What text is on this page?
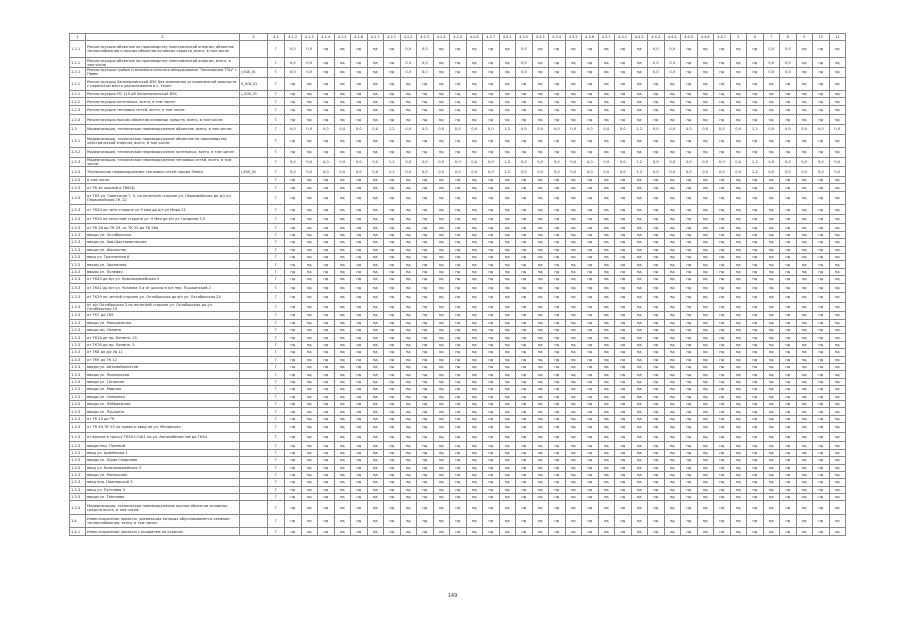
1	2	3	4.1	4.1.2	4.1.3	4.1.4	4.1.5	4.1.6	4.1.7	4.2.1	4.2.2	4.2.3	4.2.4	4.2.5	4.2.6	4.2.7	4.3.1	4.3.2	4.3.3	4.3.4	4.3.5	4.3.6	4.3.7	4.4.1	4.4.2	4.4.3	4.4.4	4.4.5	4.4.6	4.4.7	5	6	7	8	9	10	11	
1.2.1	Реконструкция объектов по производству электрической энергии, объектов теплоснабжения и прочих объектов основных средств, всего, в том числе		Г	0,0	0,0	нд	нд	нд	нд	нд	0,0	0,0	нд	нд	нд	нд	нд	0,0	нд	нд	нд	нд	нд	нд	нд	0,0	0,0	нд	нд	нд	нд	нд	0,0	0,0	нд	нд	нд	
1.2.1	Реконструкция объектов по производству электрической энергии, всего, в том числе		Г	0,0	0,0	нд	нд	нд	нд	нд	0,0	0,0	нд	нд	нд	нд	нд	0,0	нд	нд	нд	нд	нд	нд	нд	0,0	0,0	нд	нд	нд	нд	нд	0,0	0,0	нд	нд	нд	
1.2.1	Реконструкция турбин и вспомогательного оборудования "Заполярная ТЭЦ" г. Певек	J_KGK_01	Г	0,0	0,0	нд	нд	нд	нд	нд	0,0	0,0	нд	нд	нд	нд	нд	0,0	нд	нд	нд	нд	нд	нд	нд	0,0	0,0	нд	нд	нд	нд	нд	0,0	0,0	нд	нд	нд	
1.2.1	Реконструкция Заполярнинской ВЭС без изменения установленной мощности с переносом места расположения в с. Уэлен	H_KGK_02	Г	нд	нд	нд	нд	нд	нд	нд	нд	нд	нд	нд	нд	нд	нд	нд	нд	нд	нд	нд	нд	нд	нд	нд	нд	нд	нд	нд	нд	нд	нд	нд	нд	нд	нд	
1.2.1	Реконструкция ПС 110 кВ Заполярнинской ВЭС	L_KGK_03	Г	нд	нд	нд	нд	нд	нд	нд	нд	нд	нд	нд	нд	нд	нд	нд	нд	нд	нд	нд	нд	нд	нд	нд	нд	нд	нд	нд	нд	нд	нд	нд	нд	нд	нд	
1.2.2	Реконструкция котельных, всего, в том числе:		Г	нд	нд	нд	нд	нд	нд	нд	нд	нд	нд	нд	нд	нд	нд	нд	нд	нд	нд	нд	нд	нд	нд	нд	нд	нд	нд	нд	нд	нд	нд	нд	нд	нд	нд	
1.2.3	Реконструкция тепловых сетей, всего, в том числе:		Г	нд	нд	нд	нд	нд	нд	нд	нд	нд	нд	нд	нд	нд	нд	нд	нд	нд	нд	нд	нд	нд	нд	нд	нд	нд	нд	нд	нд	нд	нд	нд	нд	нд	нд	
1.2.4	Реконструкция прочих объектов основных средств, всего, в том числе:		Г	нд	нд	нд	нд	нд	нд	нд	нд	нд	нд	нд	нд	нд	нд	нд	нд	нд	нд	нд	нд	нд	нд	нд	нд	нд	нд	нд	нд	нд	нд	нд	нд	нд	нд	
1.3	Модернизация, техническое перевооружение объектов, всего, в том числе:		Г	0,0	0,0	0,0	0,0	0,0	0,0	1,2	0,0	0,0	0,0	0,0	0,0	0,0	1,2	0,0	0,0	0,0	0,0	0,0	0,0	0,0	1,2	0,0	0,0	0,0	0,0	0,0	0,0	1,2	0,0	0,0	0,0	0,0	0,0	
1.3.1	Модернизация, техническое перевооружение объектов по производству электрической энергии, всего, в том числе:		Г	нд	нд	нд	нд	нд	нд	нд	нд	нд	нд	нд	нд	нд	нд	нд	нд	нд	нд	нд	нд	нд	нд	нд	нд	нд	нд	нд	нд	нд	нд	нд	нд	нд	нд	
1.3.2	Модернизация, техническое перевооружение котельных, всего, в том числе:		Г	нд	нд	нд	нд	нд	нд	нд	нд	нд	нд	нд	нд	нд	нд	нд	нд	нд	нд	нд	нд	нд	нд	нд	нд	нд	нд	нд	нд	нд	нд	нд	нд	нд	нд	
1.3.3	Модернизация, техническое перевооружение тепловых сетей, всего, в том числе:		Г	0,0	0,0	0,0	0,0	0,0	0,0	1,2	0,0	0,0	0,0	0,0	0,0	0,0	1,2	0,0	0,0	0,0	0,0	0,0	0,0	0,0	1,2	0,0	0,0	0,0	0,0	0,0	0,0	1,2	0,0	0,0	0,0	0,0	0,0	
1.3.3	Техническое перевооружение тепловых сетей города Певек	J_KGK_04	Г	0,0	0,0	0,0	0,0	0,0	0,0	1,2	0,0	0,0	0,0	0,0	0,0	0,0	1,2	0,0	0,0	0,0	0,0	0,0	0,0	0,0	1,2	0,0	0,0	0,0	0,0	0,0	0,0	1,2	0,0	0,0	0,0	0,0	0,0	
1.3.3	в том числе		Г	нд	нд	нд	нд	нд	нд	нд	нд	нд	нд	нд	нд	нд	нд	нд	нд	нд	нд	нд	нд	нд	нд	нд	нд	нд	нд	нд	нд	нд	нд	нд	нд	нд	нд	
1.3.3	от ТК за школой в ТВ62Д		Г	нд	нд	нд	нд	нд	нд	нд	нд	нд	нд	нд	нд	нд	нд	нд	нд	нд	нд	нд	нд	нд	нд	нд	нд	нд	нд	нд	нд	нд	нд	нд	нд	нд	нд	
1.3.3	от ТК9 ул. Советская 7, 5, по нечетной стороне ул. Первомайская до д/з ул. Первомайская 29, 22		Г	нд	нд	нд	нд	нд	нд	нд	нд	нд	нд	нд	нд	нд	нд	нд	нд	нд	нд	нд	нд	нд	нд	нд	нд	нд	нд	нд	нд	нд	нд	нд	нд	нд	нд	
1.3.3	от ТК20 по четн стороне ул 9 мая до д/з ул Мира 21		Г	нд	нд	нд	нд	нд	нд	нд	нд	нд	нд	нд	нд	нд	нд	нд	нд	нд	нд	нд	нд	нд	нд	нд	нд	нд	нд	нд	нд	нд	нд	нд	нд	нд	нд	
1.3.3	от ТК20 по нечетной стороне ул. 9 Мая до в/з ул Гагарина 3,5		Г	нд	нд	нд	нд	нд	нд	нд	нд	нд	нд	нд	нд	нд	нд	нд	нд	нд	нд	нд	нд	нд	нд	нд	нд	нд	нд	нд	нд	нд	нд	нд	нд	нд	нд	
1.3.3	от ТК 28 до ТК 29, от ТК 25 до ТК 26а		Г	нд	нд	нд	нд	нд	нд	нд	нд	нд	нд	нд	нд	нд	нд	нд	нд	нд	нд	нд	нд	нд	нд	нд	нд	нд	нд	нд	нд	нд	нд	нд	нд	нд	нд	
1.3.3	вводы ул. Октябрьская		Г	нд	нд	нд	нд	нд	нд	нд	нд	нд	нд	нд	нд	нд	нд	нд	нд	нд	нд	нд	нд	нд	нд	нд	нд	нд	нд	нд	нд	нд	нд	нд	нд	нд	нд	
1.3.3	вводы ул. Зав.Шахтаевическая		Г	нд	нд	нд	нд	нд	нд	нд	нд	нд	нд	нд	нд	нд	нд	нд	нд	нд	нд	нд	нд	нд	нд	нд	нд	нд	нд	нд	нд	нд	нд	нд	нд	нд	нд	
1.3.3	вводы ул. Школьная		Г	нд	нд	нд	нд	нд	нд	нд	нд	нд	нд	нд	нд	нд	нд	нд	нд	нд	нд	нд	нд	нд	нд	нд	нд	нд	нд	нд	нд	нд	нд	нд	нд	нд	нд	
1.3.3	ввод ул. Транзитная 6		Г	нд	нд	нд	нд	нд	нд	нд	нд	нд	нд	нд	нд	нд	нд	нд	нд	нд	нд	нд	нд	нд	нд	нд	нд	нд	нд	нд	нд	нд	нд	нд	нд	нд	нд	
1.3.3	вводы ул. Заозерная		Г	нд	нд	нд	нд	нд	нд	нд	нд	нд	нд	нд	нд	нд	нд	нд	нд	нд	нд	нд	нд	нд	нд	нд	нд	нд	нд	нд	нд	нд	нд	нд	нд	нд	нд	
1.3.3	вводы ул. Полевая		Г	нд	нд	нд	нд	нд	нд	нд	нд	нд	нд	нд	нд	нд	нд	нд	нд	нд	нд	нд	нд	нд	нд	нд	нд	нд	нд	нд	нд	нд	нд	нд	нд	нд	нд	
1.3.3	от ТК43 до в/з ул. Красноармейская 3		Г	нд	нд	нд	нд	нд	нд	нд	нд	нд	нд	нд	нд	нд	нд	нд	нд	нд	нд	нд	нд	нд	нд	нд	нд	нд	нд	нд	нд	нд	нд	нд	нд	нд	нд	
1.3.3	от ТК41 до в/з ул. Чкалова 3 и от школы в в/з пер. Пушкинский 2		Г	нд	нд	нд	нд	нд	нд	нд	нд	нд	нд	нд	нд	нд	нд	нд	нд	нд	нд	нд	нд	нд	нд	нд	нд	нд	нд	нд	нд	нд	нд	нд	нд	нд	нд	
1.3.3	от ТК29 по четной стороне ул. Октябрьская до в/з ул. Октябрьская 24		Г	нд	нд	нд	нд	нд	нд	нд	нд	нд	нд	нд	нд	нд	нд	нд	нд	нд	нд	нд	нд	нд	нд	нд	нд	нд	нд	нд	нд	нд	нд	нд	нд	нд	нд	
1.3.3	от д/с Октябрьская 3 по нечетной стороне ул. Октябрьская до ул. Октябрьская 19		Г	нд	нд	нд	нд	нд	нд	нд	нд	нд	нд	нд	нд	нд	нд	нд	нд	нд	нд	нд	нд	нд	нд	нд	нд	нд	нд	нд	нд	нд	нд	нд	нд	нд	нд	
1.3.3	от ТК7 до ТК9		Г	нд	нд	нд	нд	нд	нд	нд	нд	нд	нд	нд	нд	нд	нд	нд	нд	нд	нд	нд	нд	нд	нд	нд	нд	нд	нд	нд	нд	нд	нд	нд	нд	нд	нд	
1.3.3	вводы ул. Молодежная		Г	нд	нд	нд	нд	нд	нд	нд	нд	нд	нд	нд	нд	нд	нд	нд	нд	нд	нд	нд	нд	нд	нд	нд	нд	нд	нд	нд	нд	нд	нд	нд	нд	нд	нд	
1.3.3	вводы пр. Ленина		Г	нд	нд	нд	нд	нд	нд	нд	нд	нд	нд	нд	нд	нд	нд	нд	нд	нд	нд	нд	нд	нд	нд	нд	нд	нд	нд	нд	нд	нд	нд	нд	нд	нд	нд	
1.3.3	от ТК16 до пр. Ленина, 13		Г	нд	нд	нд	нд	нд	нд	нд	нд	нд	нд	нд	нд	нд	нд	нд	нд	нд	нд	нд	нд	нд	нд	нд	нд	нд	нд	нд	нд	нд	нд	нд	нд	нд	нд	
1.3.3	от ТК76 до пр. Ленина, 3		Г	нд	нд	нд	нд	нд	нд	нд	нд	нд	нд	нд	нд	нд	нд	нд	нд	нд	нд	нд	нд	нд	нд	нд	нд	нд	нд	нд	нд	нд	нд	нд	нд	нд	нд	
1.3.3	от ТК8 до д/с № 11		Г	нд	нд	нд	нд	нд	нд	нд	нд	нд	нд	нд	нд	нд	нд	нд	нд	нд	нд	нд	нд	нд	нд	нд	нд	нд	нд	нд	нд	нд	нд	нд	нд	нд	нд	
1.3.3	от ТК9 до ТК 12		Г	нд	нд	нд	нд	нд	нд	нд	нд	нд	нд	нд	нд	нд	нд	нд	нд	нд	нд	нд	нд	нд	нд	нд	нд	нд	нд	нд	нд	нд	нд	нд	нд	нд	нд	
1.3.3	вводы ул. Автомобилистов		Г	нд	нд	нд	нд	нд	нд	нд	нд	нд	нд	нд	нд	нд	нд	нд	нд	нд	нд	нд	нд	нд	нд	нд	нд	нд	нд	нд	нд	нд	нд	нд	нд	нд	нд	
1.3.3	вводы ул. Пионерская		Г	нд	нд	нд	нд	нд	нд	нд	нд	нд	нд	нд	нд	нд	нд	нд	нд	нд	нд	нд	нд	нд	нд	нд	нд	нд	нд	нд	нд	нд	нд	нд	нд	нд	нд	
1.3.3	вводы ул. Гагарина		Г	нд	нд	нд	нд	нд	нд	нд	нд	нд	нд	нд	нд	нд	нд	нд	нд	нд	нд	нд	нд	нд	нд	нд	нд	нд	нд	нд	нд	нд	нд	нд	нд	нд	нд	
1.3.3	вводы ул. Мирная		Г	нд	нд	нд	нд	нд	нд	нд	нд	нд	нд	нд	нд	нд	нд	нд	нд	нд	нд	нд	нд	нд	нд	нд	нд	нд	нд	нд	нд	нд	нд	нд	нд	нд	нд	
1.3.3	вводы ул. Северная		Г	нд	нд	нд	нд	нд	нд	нд	нд	нд	нд	нд	нд	нд	нд	нд	нд	нд	нд	нд	нд	нд	нд	нд	нд	нд	нд	нд	нд	нд	нд	нд	нд	нд	нд	
1.3.3	вводы ул. Набережная		Г	нд	нд	нд	нд	нд	нд	нд	нд	нд	нд	нд	нд	нд	нд	нд	нд	нд	нд	нд	нд	нд	нд	нд	нд	нд	нд	нд	нд	нд	нд	нд	нд	нд	нд	
1.3.3	вводы ул. Пушкина		Г	нд	нд	нд	нд	нд	нд	нд	нд	нд	нд	нд	нд	нд	нд	нд	нд	нд	нд	нд	нд	нд	нд	нд	нд	нд	нд	нд	нд	нд	нд	нд	нд	нд	нд	
1.3.3	от ТК 15 до ТК		Г	нд	нд	нд	нд	нд	нд	нд	нд	нд	нд	нд	нд	нд	нд	нд	нд	нд	нд	нд	нд	нд	нд	нд	нд	нд	нд	нд	нд	нд	нд	нд	нд	нд	нд	
1.3.3	от ТК 49-ТК 53 по краям и ввод по ул. Мелевская		Г	нд	нд	нд	нд	нд	нд	нд	нд	нд	нд	нд	нд	нд	нд	нд	нд	нд	нд	нд	нд	нд	нд	нд	нд	нд	нд	нд	нд	нд	нд	нд	нд	нд	нд	
1.3.3	от врезки в трассу ТК49-СОШ1 по ул. Автомобилистов до ТК44		Г	нд	нд	нд	нд	нд	нд	нд	нд	нд	нд	нд	нд	нд	нд	нд	нд	нд	нд	нд	нд	нд	нд	нд	нд	нд	нд	нд	нд	нд	нд	нд	нд	нд	нд	
1.3.3	вводы пер. Полевой		Г	нд	нд	нд	нд	нд	нд	нд	нд	нд	нд	нд	нд	нд	нд	нд	нд	нд	нд	нд	нд	нд	нд	нд	нд	нд	нд	нд	нд	нд	нд	нд	нд	нд	нд	
1.3.3	ввод ул. Армейская 1		Г	нд	нд	нд	нд	нд	нд	нд	нд	нд	нд	нд	нд	нд	нд	нд	нд	нд	нд	нд	нд	нд	нд	нд	нд	нд	нд	нд	нд	нд	нд	нд	нд	нд	нд	
1.3.3	вводы ул. Юрия Смирнова		Г	нд	нд	нд	нд	нд	нд	нд	нд	нд	нд	нд	нд	нд	нд	нд	нд	нд	нд	нд	нд	нд	нд	нд	нд	нд	нд	нд	нд	нд	нд	нд	нд	нд	нд	
1.3.3	ввод ул. Красноармейская 3		Г	нд	нд	нд	нд	нд	нд	нд	нд	нд	нд	нд	нд	нд	нд	нд	нд	нд	нд	нд	нд	нд	нд	нд	нд	нд	нд	нд	нд	нд	нд	нд	нд	нд	нд	
1.3.3	вводы ул. Матросова		Г	нд	нд	нд	нд	нд	нд	нд	нд	нд	нд	нд	нд	нд	нд	нд	нд	нд	нд	нд	нд	нд	нд	нд	нд	нд	нд	нд	нд	нд	нд	нд	нд	нд	нд	
1.3.3	ввод пер. Пионерский 3		Г	нд	нд	нд	нд	нд	нд	нд	нд	нд	нд	нд	нд	нд	нд	нд	нд	нд	нд	нд	нд	нд	нд	нд	нд	нд	нд	нд	нд	нд	нд	нд	нд	нд	нд	
1.3.3	ввод ул. Пугачева 3		Г	нд	нд	нд	нд	нд	нд	нд	нд	нд	нд	нд	нд	нд	нд	нд	нд	нд	нд	нд	нд	нд	нд	нд	нд	нд	нд	нд	нд	нд	нд	нд	нд	нд	нд	
1.3.3	вводы ул. Тополева		Г	нд	нд	нд	нд	нд	нд	нд	нд	нд	нд	нд	нд	нд	нд	нд	нд	нд	нд	нд	нд	нд	нд	нд	нд	нд	нд	нд	нд	нд	нд	нд	нд	нд	нд	
1.3.4	Модернизация, техническое перевооружение прочих объектов основных средств всего, в том числе:		Г	нд	нд	нд	нд	нд	нд	нд	нд	нд	нд	нд	нд	нд	нд	нд	нд	нд	нд	нд	нд	нд	нд	нд	нд	нд	нд	нд	нд	нд	нд	нд	нд	нд	нд	
1.4	Инвестиционные проекты, реализация которых обуславливается схемами теплоснабжения, всего, в том числе:		Г	нд	нд	нд	нд	нд	нд	нд	нд	нд	нд	нд	нд	нд	нд	нд	нд	нд	нд	нд	нд	нд	нд	нд	нд	нд	нд	нд	нд	нд	нд	нд	нд	нд	нд	
1.4.1	Инвестиционные проекты с профилем по отрасли		Г	нд	нд	нд	нд	нд	нд	нд	нд	нд	нд	нд	нд	нд	нд	нд	нд	нд	нд	нд	нд	нд	нд	нд	нд	нд	нд	нд	нд	нд	нд	нд	нд	нд	нд	
149
